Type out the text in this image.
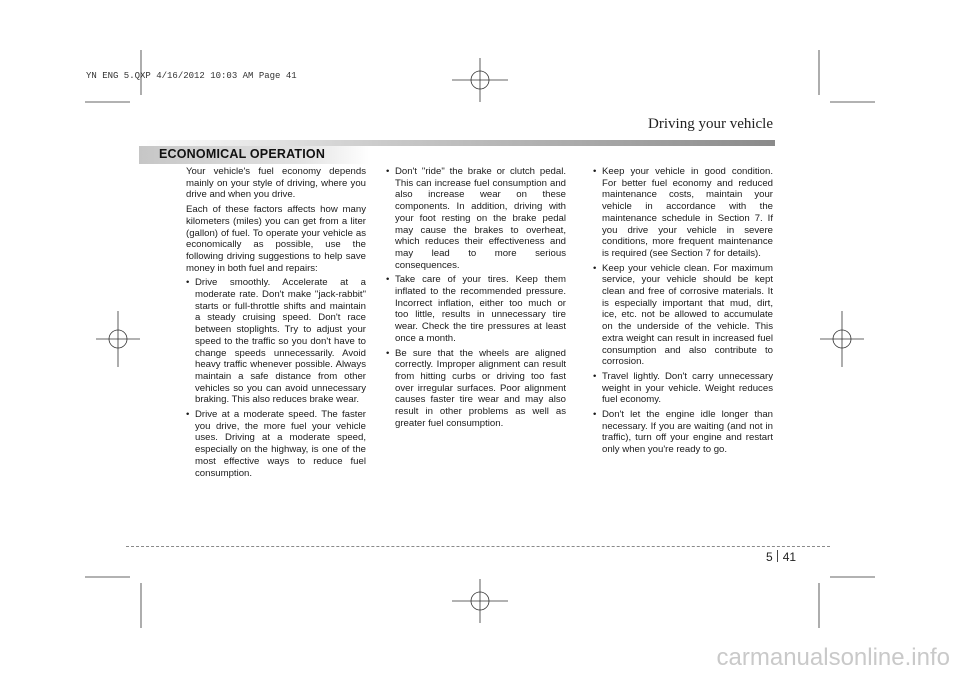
YN ENG 5.QXP 4/16/2012 10:03 AM Page 41
Driving your vehicle
ECONOMICAL OPERATION

Your vehicle's fuel economy depends mainly on your style of driving, where you drive and when you drive.

Each of these factors affects how many kilometers (miles) you can get from a liter (gallon) of fuel. To operate your vehicle as economically as possible, use the following driving suggestions to help save money in both fuel and repairs:

• Drive smoothly. Accelerate at a moderate rate. Don't make "jack-rabbit" starts or full-throttle shifts and maintain a steady cruising speed. Don't race between stoplights. Try to adjust your speed to the traffic so you don't have to change speeds unnecessarily. Avoid heavy traffic whenever possible. Always maintain a safe distance from other vehicles so you can avoid unnecessary braking. This also reduces brake wear.
• Drive at a moderate speed. The faster you drive, the more fuel your vehicle uses. Driving at a moderate speed, especially on the highway, is one of the most effective ways to reduce fuel consumption.
• Don't "ride" the brake or clutch pedal. This can increase fuel consumption and also increase wear on these components. In addition, driving with your foot resting on the brake pedal may cause the brakes to overheat, which reduces their effectiveness and may lead to more serious consequences.
• Take care of your tires. Keep them inflated to the recommended pressure. Incorrect inflation, either too much or too little, results in unnecessary tire wear. Check the tire pressures at least once a month.
• Be sure that the wheels are aligned correctly. Improper alignment can result from hitting curbs or driving too fast over irregular surfaces. Poor alignment causes faster tire wear and may also result in other problems as well as greater fuel consumption.
• Keep your vehicle in good condition. For better fuel economy and reduced maintenance costs, maintain your vehicle in accordance with the maintenance schedule in Section 7. If you drive your vehicle in severe conditions, more frequent maintenance is required (see Section 7 for details).
• Keep your vehicle clean. For maximum service, your vehicle should be kept clean and free of corrosive materials. It is especially important that mud, dirt, ice, etc. not be allowed to accumulate on the underside of the vehicle. This extra weight can result in increased fuel consumption and also contribute to corrosion.
• Travel lightly. Don't carry unnecessary weight in your vehicle. Weight reduces fuel economy.
• Don't let the engine idle longer than necessary. If you are waiting (and not in traffic), turn off your engine and restart only when you're ready to go.
5 41
carmanualsonline.info
